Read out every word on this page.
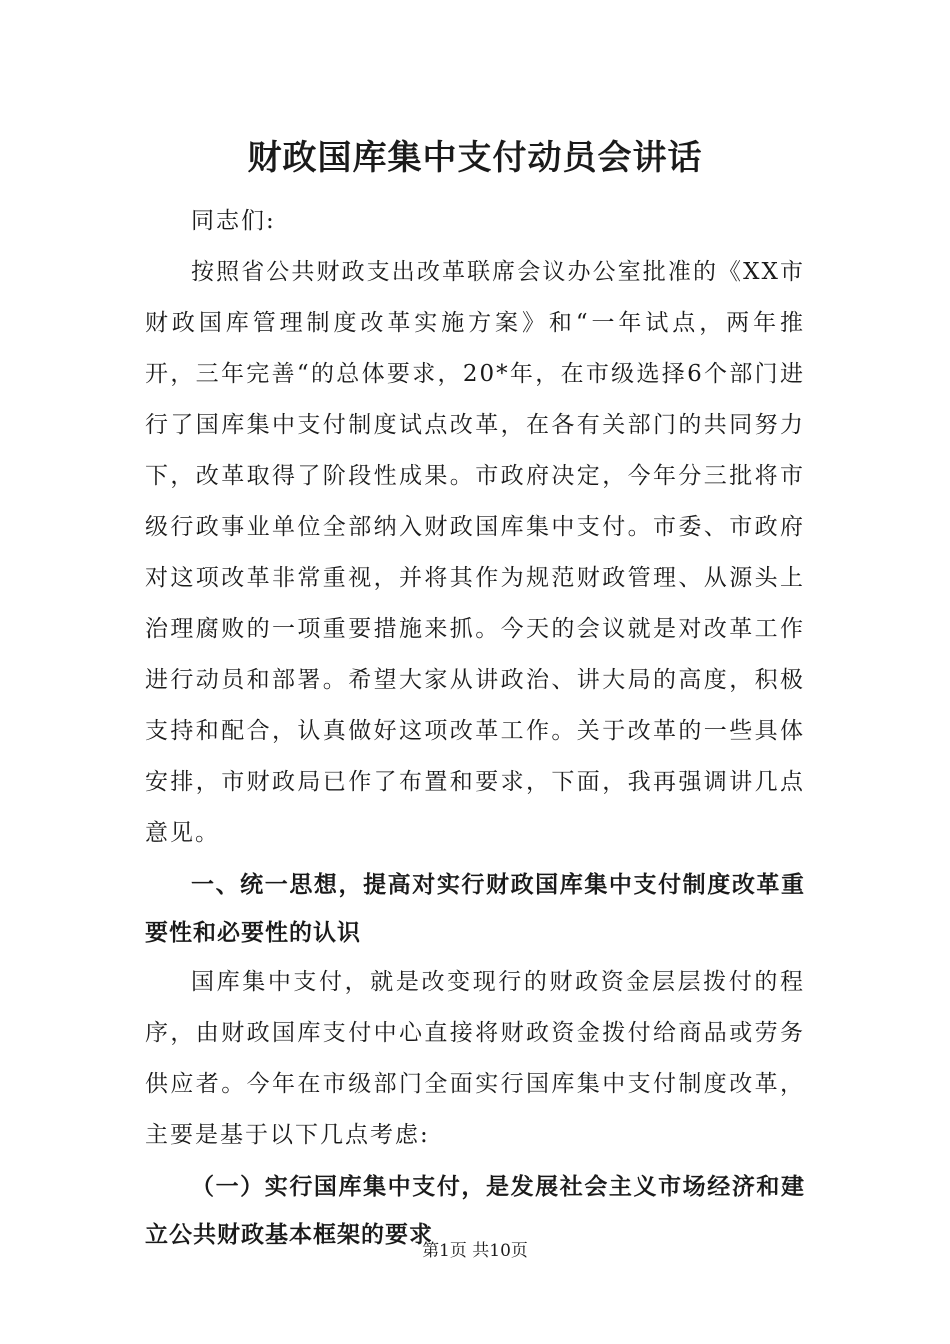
财政国库集中支付动员会讲话

同志们:

按照省公共财政支出改革联席会议办公室批准的《XX市财政国库管理制度改革实施方案》和“一年试点，两年推开，三年完善“的总体要求，20*年，在市级选择6个部门进行了国库集中支付制度试点改革，在各有关部门的共同努力下，改革取得了阶段性成果。市政府决定，今年分三批将市级行政事业单位全部纳入财政国库集中支付。市委、市政府对这项改革非常重视，并将其作为规范财政管理、从源头上治理腐败的一项重要措施来抓。今天的会议就是对改革工作进行动员和部署。希望大家从讲政治、讲大局的高度，积极支持和配合，认真做好这项改革工作。关于改革的一些具体安排，市财政局已作了布置和要求，下面，我再强调讲几点意见。

一、统一思想，提高对实行财政国库集中支付制度改革重要性和必要性的认识

国库集中支付，就是改变现行的财政资金层层拨付的程序，由财政国库支付中心直接将财政资金拨付给商品或劳务供应者。今年在市级部门全面实行国库集中支付制度改革，主要是基于以下几点考虑:

（一）实行国库集中支付，是发展社会主义市场经济和建立公共财政基本框架的要求

第1页 共10页
